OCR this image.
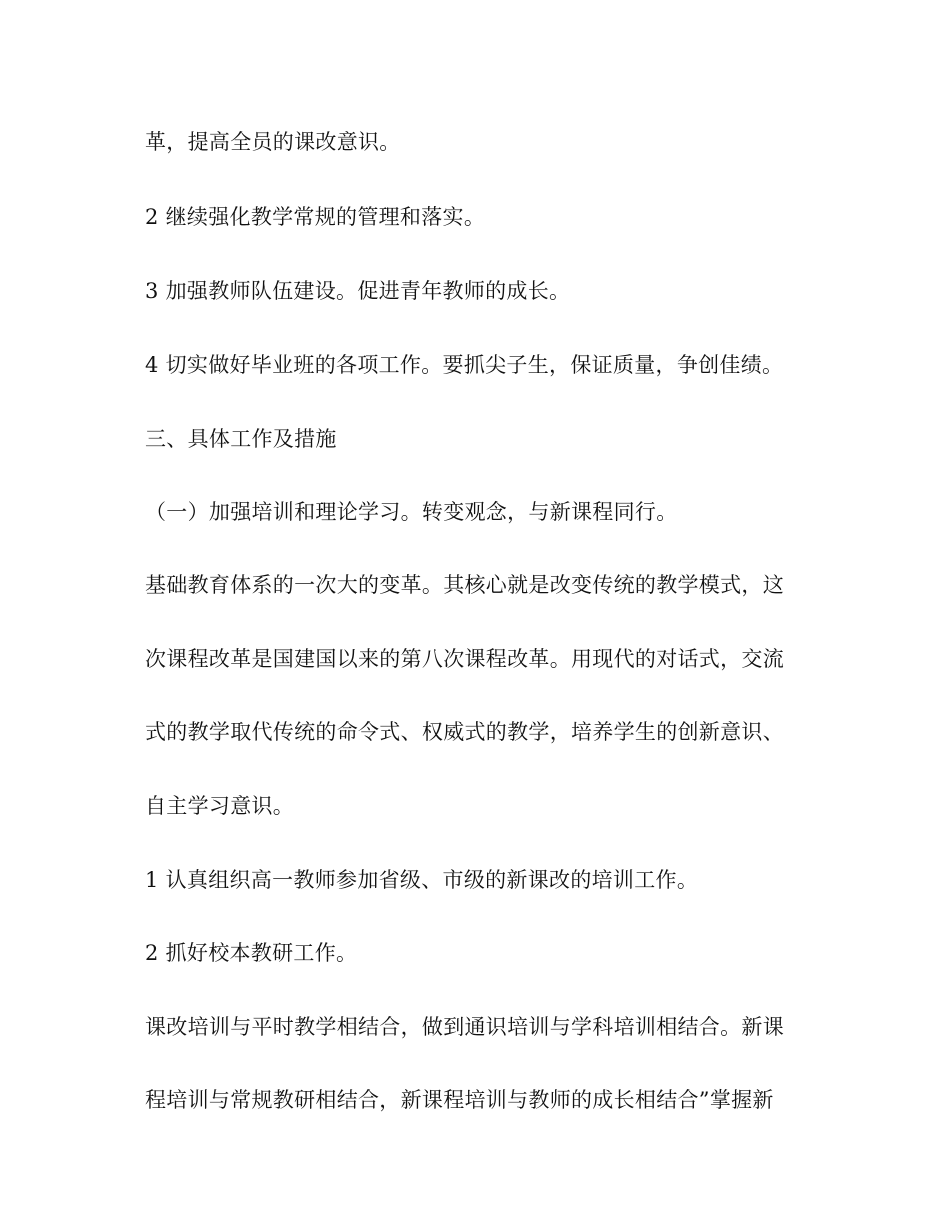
革，提高全员的课改意识。
2 继续强化教学常规的管理和落实。
3 加强教师队伍建设。促进青年教师的成长。
4 切实做好毕业班的各项工作。要抓尖子生，保证质量，争创佳绩。
三、具体工作及措施
（一）加强培训和理论学习。转变观念，与新课程同行。
基础教育体系的一次大的变革。其核心就是改变传统的教学模式，这
次课程改革是国建国以来的第八次课程改革。用现代的对话式，交流
式的教学取代传统的命令式、权威式的教学，培养学生的创新意识、
自主学习意识。
1 认真组织高一教师参加省级、市级的新课改的培训工作。
2 抓好校本教研工作。
课改培训与平时教学相结合，做到通识培训与学科培训相结合。新课
程培训与常规教研相结合，新课程培训与教师的成长相结合”掌握新
